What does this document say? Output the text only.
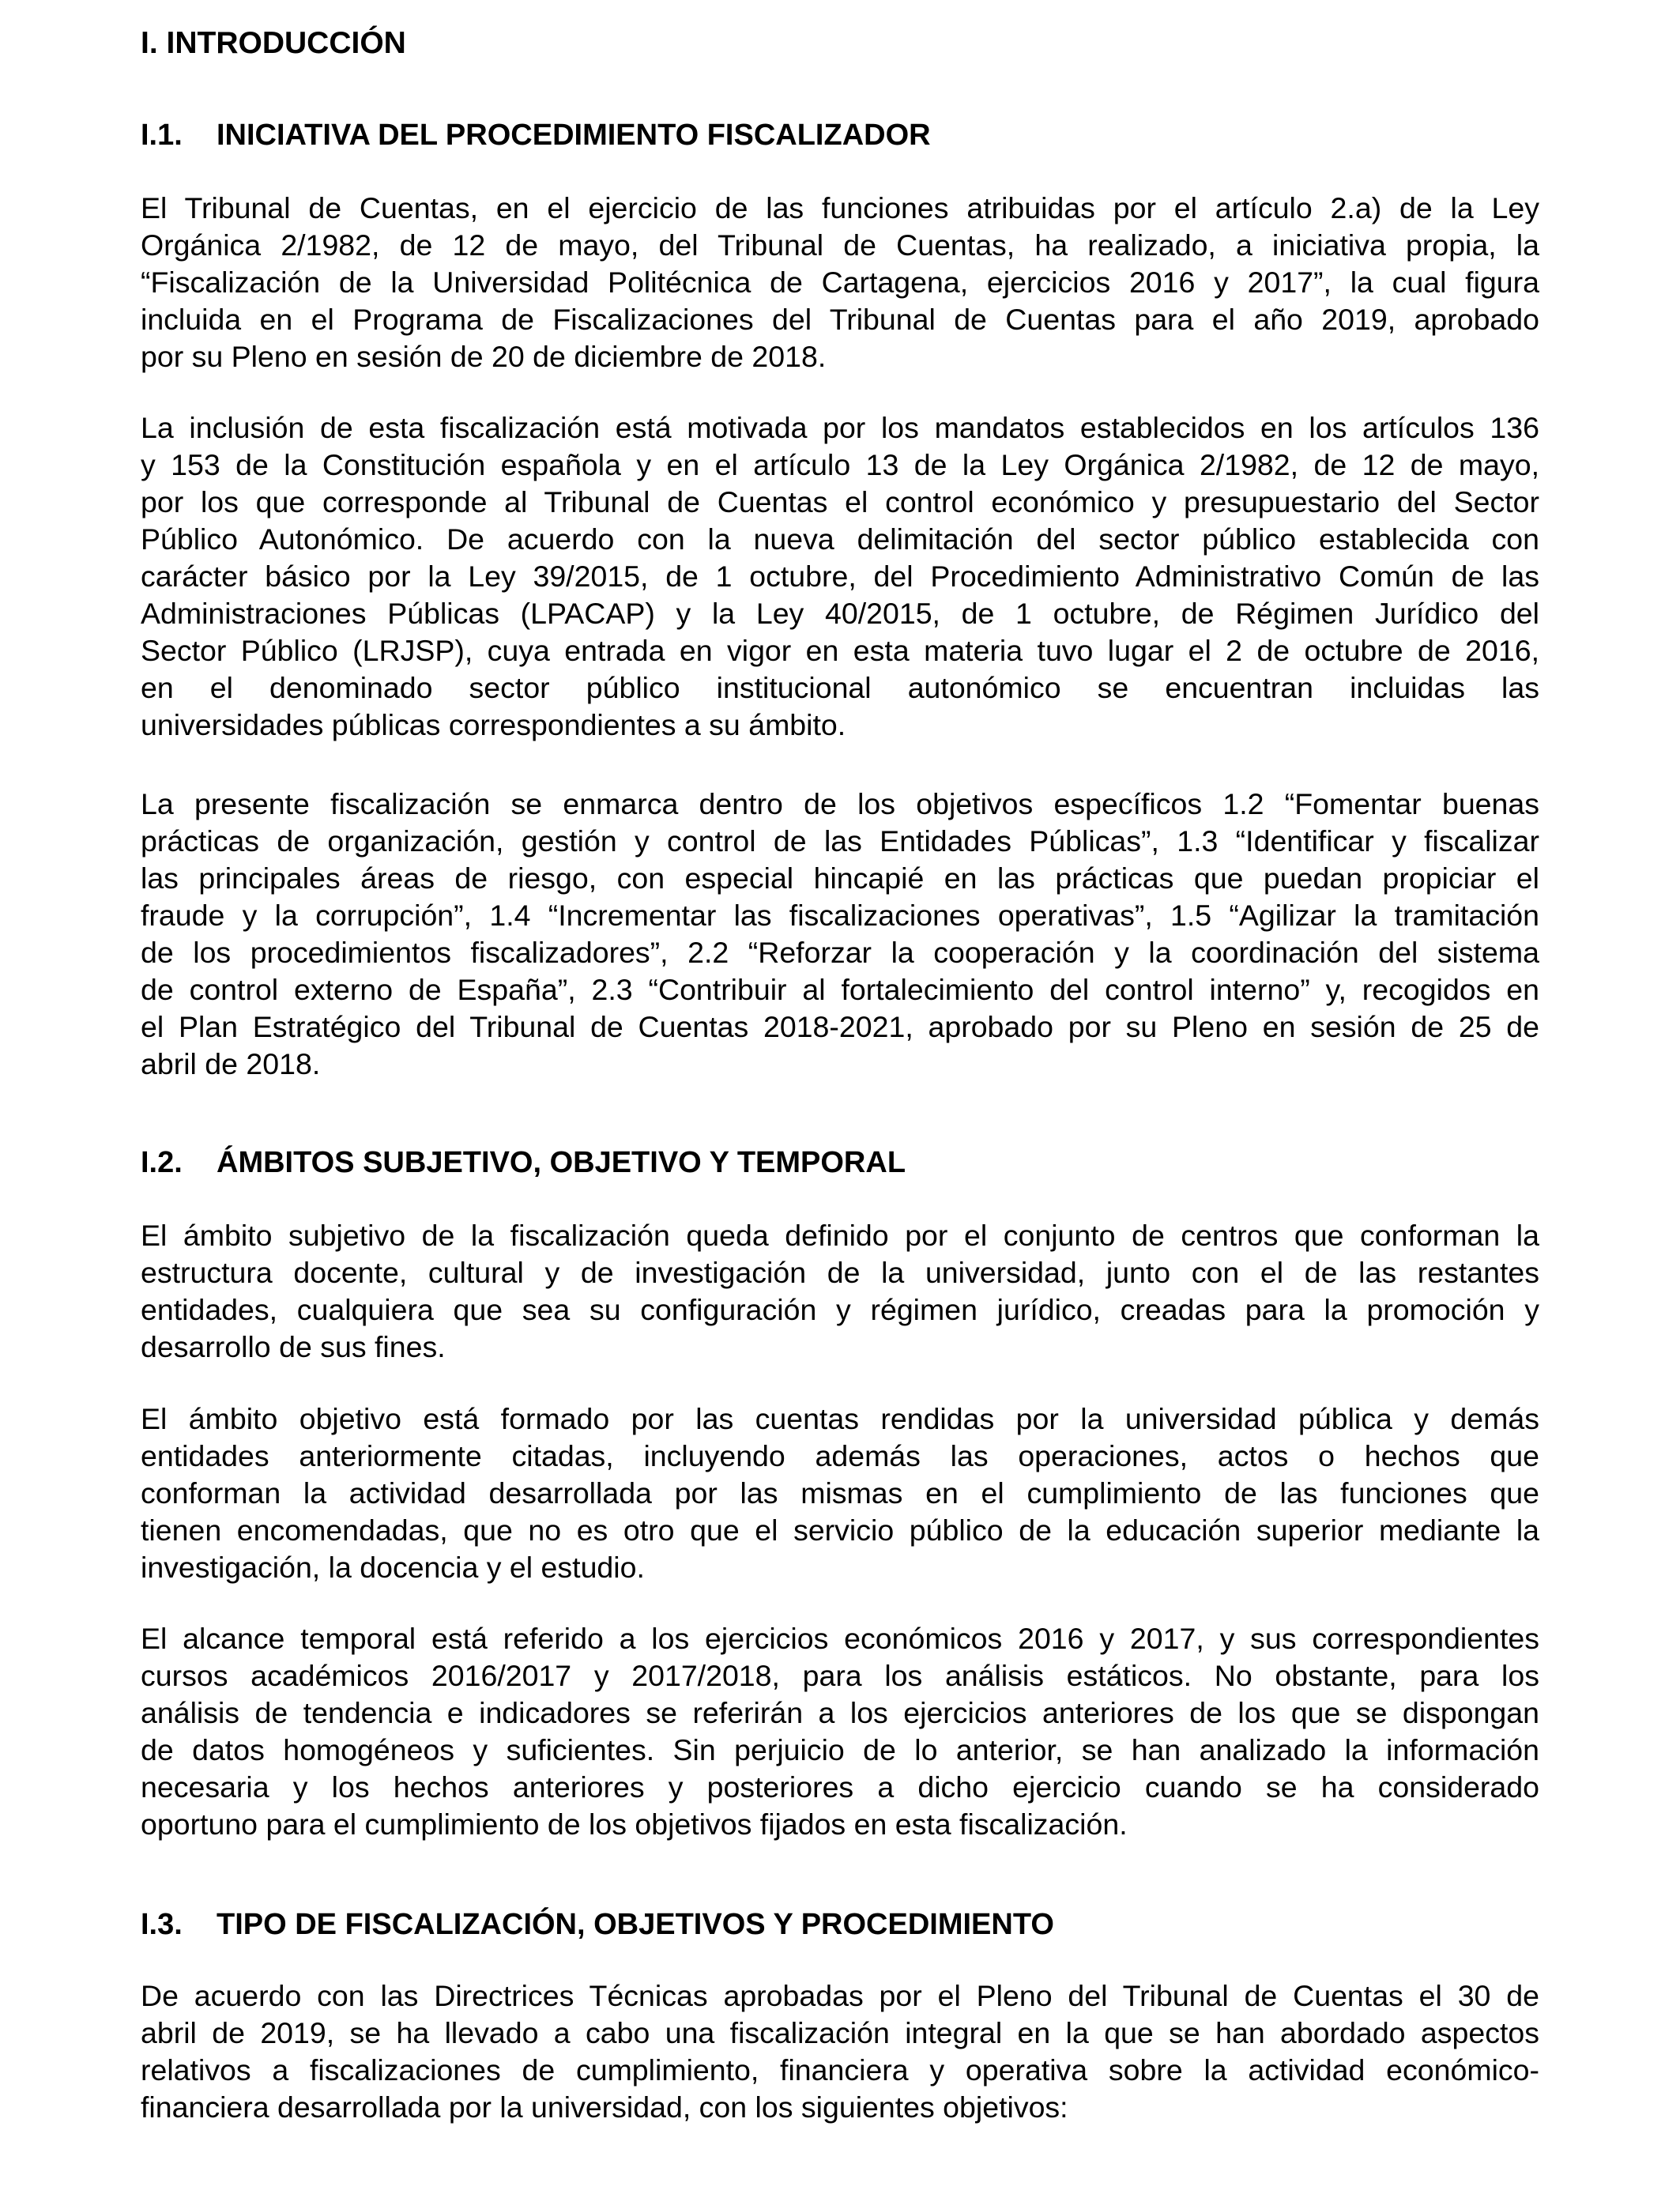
I. INTRODUCCIÓN
I.1. INICIATIVA DEL PROCEDIMIENTO FISCALIZADOR
El Tribunal de Cuentas, en el ejercicio de las funciones atribuidas por el artículo 2.a) de la Ley
Orgánica 2/1982, de 12 de mayo, del Tribunal de Cuentas, ha realizado, a iniciativa propia, la
“Fiscalización de la Universidad Politécnica de Cartagena, ejercicios 2016 y 2017”, la cual figura
incluida en el Programa de Fiscalizaciones del Tribunal de Cuentas para el año 2019, aprobado
por su Pleno en sesión de 20 de diciembre de 2018.
La inclusión de esta fiscalización está motivada por los mandatos establecidos en los artículos 136
y 153 de la Constitución española y en el artículo 13 de la Ley Orgánica 2/1982, de 12 de mayo,
por los que corresponde al Tribunal de Cuentas el control económico y presupuestario del Sector
Público Autonómico. De acuerdo con la nueva delimitación del sector público establecida con
carácter básico por la Ley 39/2015, de 1 octubre, del Procedimiento Administrativo Común de las
Administraciones Públicas (LPACAP) y la Ley 40/2015, de 1 octubre, de Régimen Jurídico del
Sector Público (LRJSP), cuya entrada en vigor en esta materia tuvo lugar el 2 de octubre de 2016,
en el denominado sector público institucional autonómico se encuentran incluidas las
universidades públicas correspondientes a su ámbito.
La presente fiscalización se enmarca dentro de los objetivos específicos 1.2 “Fomentar buenas
prácticas de organización, gestión y control de las Entidades Públicas”, 1.3 “Identificar y fiscalizar
las principales áreas de riesgo, con especial hincapié en las prácticas que puedan propiciar el
fraude y la corrupción”, 1.4 “Incrementar las fiscalizaciones operativas”, 1.5 “Agilizar la tramitación
de los procedimientos fiscalizadores”, 2.2 “Reforzar la cooperación y la coordinación del sistema
de control externo de España”, 2.3 “Contribuir al fortalecimiento del control interno” y, recogidos en
el Plan Estratégico del Tribunal de Cuentas 2018-2021, aprobado por su Pleno en sesión de 25 de
abril de 2018.
I.2. ÁMBITOS SUBJETIVO, OBJETIVO Y TEMPORAL
El ámbito subjetivo de la fiscalización queda definido por el conjunto de centros que conforman la
estructura docente, cultural y de investigación de la universidad, junto con el de las restantes
entidades, cualquiera que sea su configuración y régimen jurídico, creadas para la promoción y
desarrollo de sus fines.
El ámbito objetivo está formado por las cuentas rendidas por la universidad pública y demás
entidades anteriormente citadas, incluyendo además las operaciones, actos o hechos que
conforman la actividad desarrollada por las mismas en el cumplimiento de las funciones que
tienen encomendadas, que no es otro que el servicio público de la educación superior mediante la
investigación, la docencia y el estudio.
El alcance temporal está referido a los ejercicios económicos 2016 y 2017, y sus correspondientes
cursos académicos 2016/2017 y 2017/2018, para los análisis estáticos. No obstante, para los
análisis de tendencia e indicadores se referirán a los ejercicios anteriores de los que se dispongan
de datos homogéneos y suficientes. Sin perjuicio de lo anterior, se han analizado la información
necesaria y los hechos anteriores y posteriores a dicho ejercicio cuando se ha considerado
oportuno para el cumplimiento de los objetivos fijados en esta fiscalización.
I.3. TIPO DE FISCALIZACIÓN, OBJETIVOS Y PROCEDIMIENTO
De acuerdo con las Directrices Técnicas aprobadas por el Pleno del Tribunal de Cuentas el 30 de
abril de 2019, se ha llevado a cabo una fiscalización integral en la que se han abordado aspectos
relativos a fiscalizaciones de cumplimiento, financiera y operativa sobre la actividad económico-
financiera desarrollada por la universidad, con los siguientes objetivos:
